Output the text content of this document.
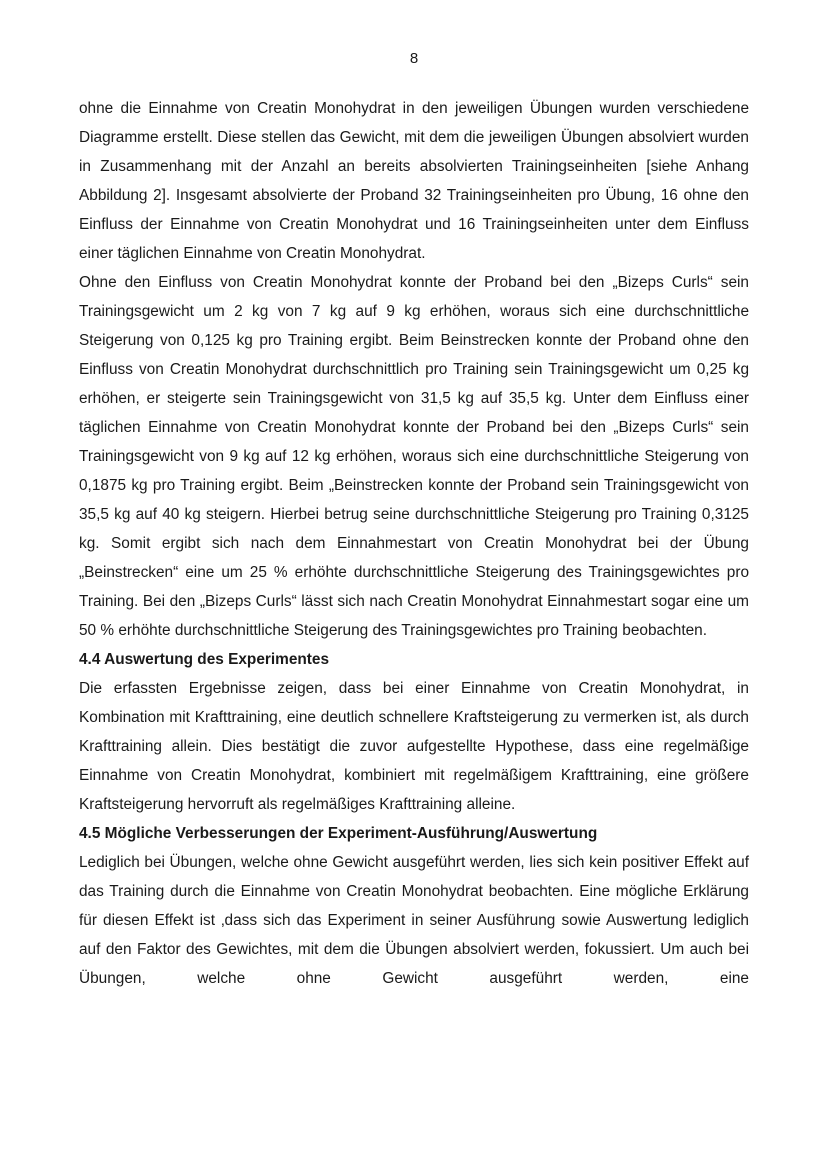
8

ohne die Einnahme von Creatin Monohydrat in den jeweiligen Übungen wurden verschiedene Diagramme erstellt. Diese stellen das Gewicht, mit dem die jeweiligen Übungen absolviert wurden in Zusammenhang mit der Anzahl an bereits absolvierten Trainingseinheiten [siehe Anhang Abbildung 2]. Insgesamt absolvierte der Proband 32 Trainingseinheiten pro Übung, 16 ohne den Einfluss der Einnahme von Creatin Monohydrat und 16 Trainingseinheiten unter dem Einfluss einer täglichen Einnahme von Creatin Monohydrat.

Ohne den Einfluss von Creatin Monohydrat konnte der Proband bei den „Bizeps Curls“ sein Trainingsgewicht um 2 kg von 7 kg auf 9 kg erhöhen, woraus sich eine durchschnittliche Steigerung von 0,125 kg pro Training ergibt. Beim Beinstrecken konnte der Proband ohne den Einfluss von Creatin Monohydrat durchschnittlich pro Training sein Trainingsgewicht um 0,25 kg erhöhen, er steigerte sein Trainingsgewicht von 31,5 kg auf 35,5 kg. Unter dem Einfluss einer täglichen Einnahme von Creatin Monohydrat konnte der Proband bei den „Bizeps Curls“ sein Trainingsgewicht von 9 kg auf 12 kg erhöhen, woraus sich eine durchschnittliche Steigerung von 0,1875 kg pro Training ergibt. Beim „Beinstrecken konnte der Proband sein Trainingsgewicht von 35,5 kg auf 40 kg steigern. Hierbei betrug seine durchschnittliche Steigerung pro Training 0,3125 kg. Somit ergibt sich nach dem Einnahmestart von Creatin Monohydrat bei der Übung „Beinstrecken“ eine um 25 % erhöhte durchschnittliche Steigerung des Trainingsgewichtes pro Training. Bei den „Bizeps Curls“ lässt sich nach Creatin Monohydrat Einnahmestart sogar eine um 50 % erhöhte durchschnittliche Steigerung des Trainingsgewichtes pro Training beobachten.

4.4 Auswertung des Experimentes

Die erfassten Ergebnisse zeigen, dass bei einer Einnahme von Creatin Monohydrat, in Kombination mit Krafttraining, eine deutlich schnellere Kraftsteigerung zu vermerken ist, als durch Krafttraining allein. Dies bestätigt die zuvor aufgestellte Hypothese, dass eine regelmäßige Einnahme von Creatin Monohydrat, kombiniert mit regelmäßigem Krafttraining, eine größere Kraftsteigerung hervorruft als regelmäßiges Krafttraining alleine.

4.5 Mögliche Verbesserungen der Experiment-Ausführung/Auswertung

Lediglich bei Übungen, welche ohne Gewicht ausgeführt werden, lies sich kein positiver Effekt auf das Training durch die Einnahme von Creatin Monohydrat beobachten. Eine mögliche Erklärung für diesen Effekt ist ‚dass sich das Experiment in seiner Ausführung sowie Auswertung lediglich auf den Faktor des Gewichtes, mit dem die Übungen absolviert werden, fokussiert. Um auch bei Übungen, welche ohne Gewicht ausgeführt werden, eine
